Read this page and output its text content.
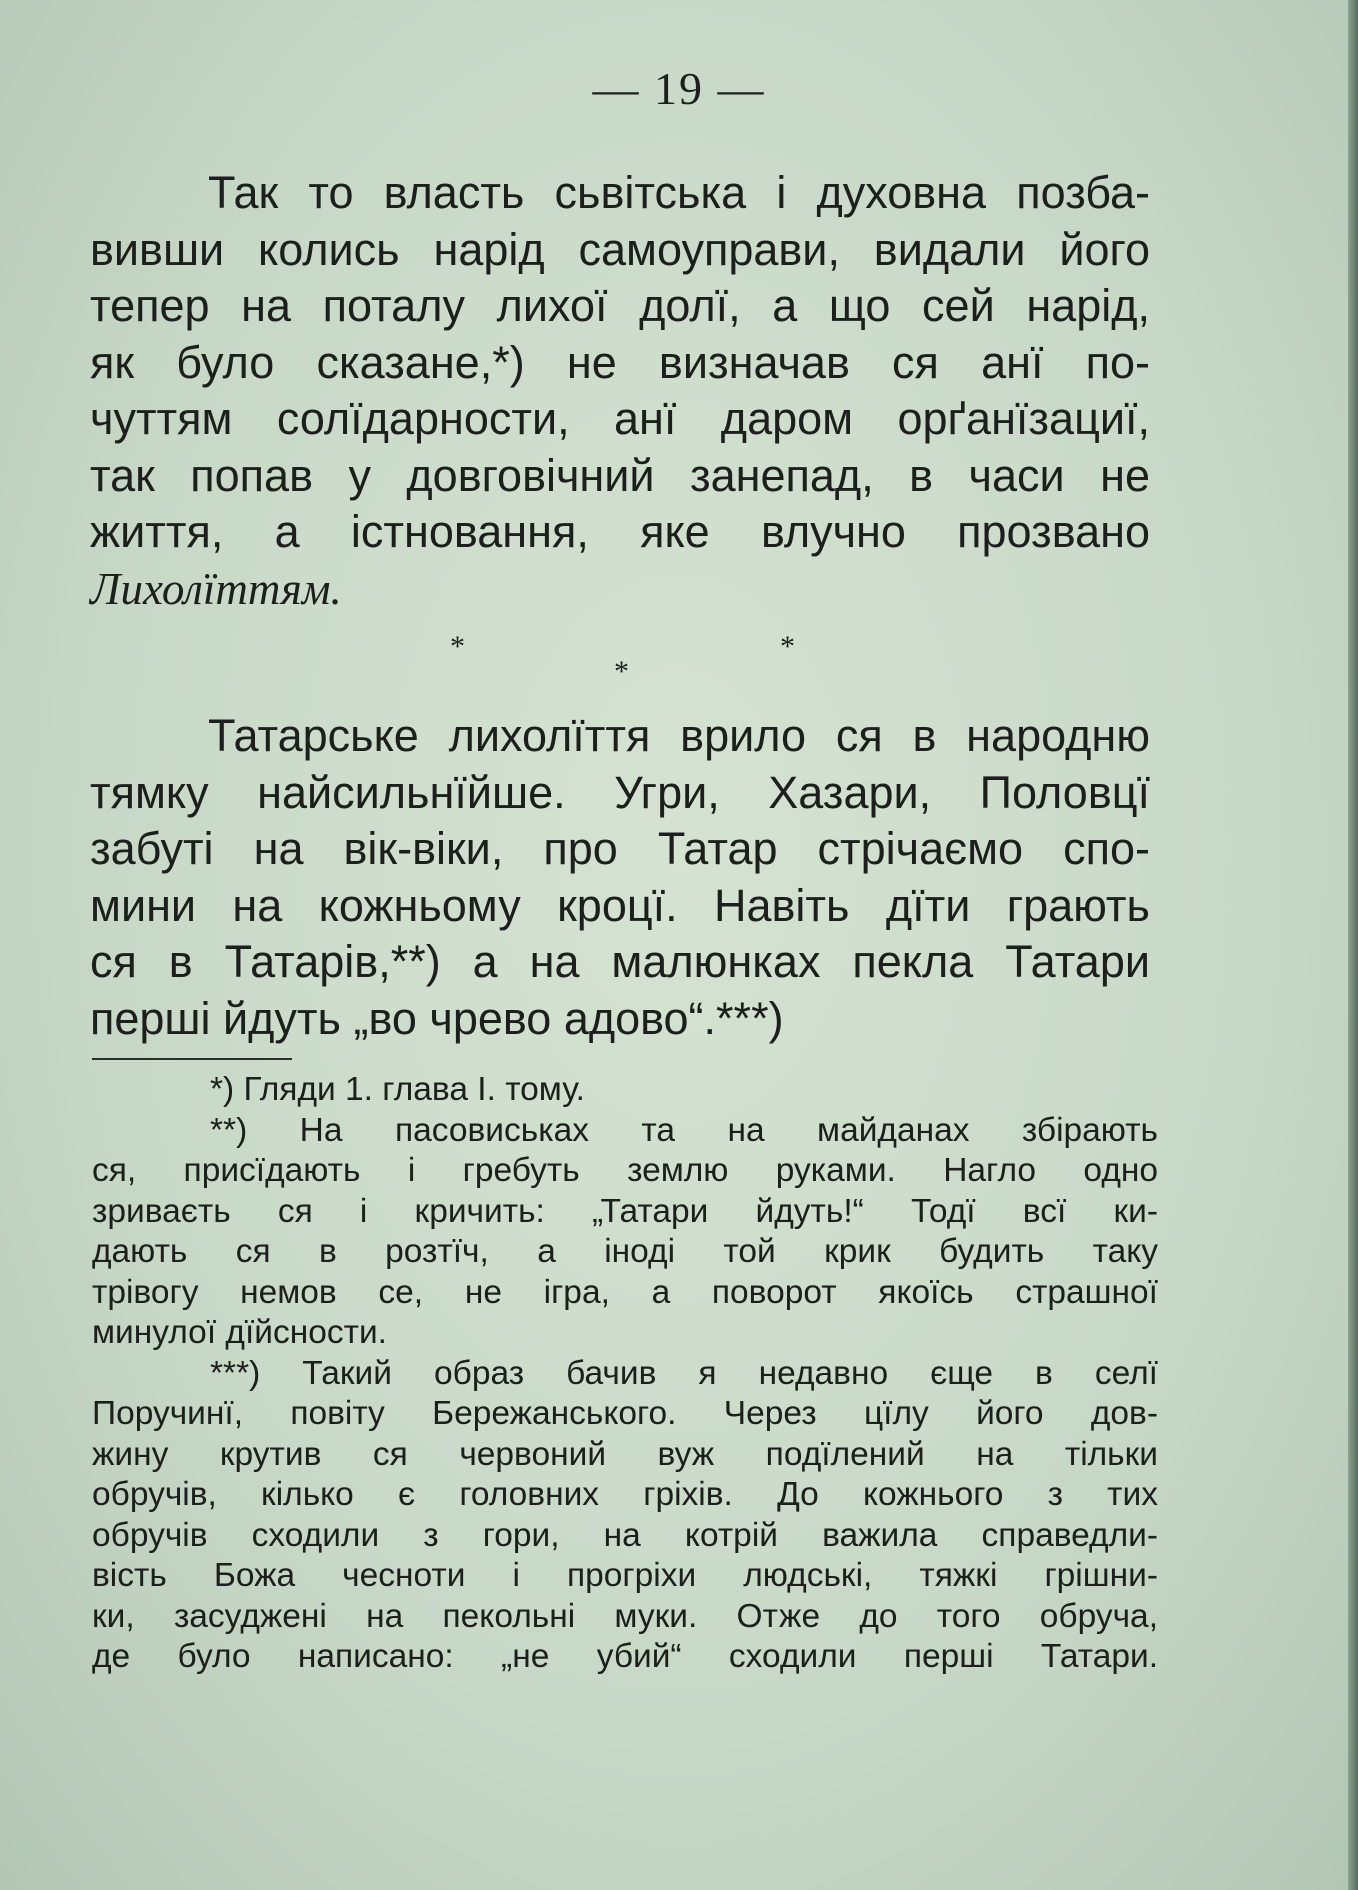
— 19 —
Так то власть сьвітська і духовна позба-
вивши колись нарід самоуправи, видали його
тепер на поталу лихої долї, а що сей нарід,
як було сказане,*) не визначав ся анї по-
чуттям солїдарности, анї даром орґанїзациї,
так попав у довговічний занепад, в часи не
життя, а істновання, яке влучно прозвано
Лихолїттям.
*	*
*
Татарське лихолїття врило ся в народню
тямку найсильнїйше. Угри, Хазари, Половцї
забуті на вік-віки, про Татар стрічаємо спо-
мини на кожньому кроцї. Навіть дїти грають
ся в Татарів,**) а на малюнках пекла Татари
перші йдуть „во чрево адово“.***)
*) Гляди 1. глава I. тому.
**) На пасовиськах та на майданах збірають
ся, присїдають і гребуть землю руками. Нагло одно
зриваєть ся і кричить: „Татари йдуть!“ Тодї всї ки-
дають ся в розтїч, а іноді той крик будить таку
трівогу немов се, не ігра, а поворот якоїсь страшної
минулої дїйсности.
***) Такий образ бачив я недавно єще в селї
Поручинї, повіту Бережанського. Через цїлу його дов-
жину крутив ся червоний вуж подїлений на тільки
обручів, кілько є головних гріхів. До кожнього з тих
обручів сходили з гори, на котрій важила справедли-
вість Божа чесноти і прогріхи людські, тяжкі грішни-
ки, засуджені на пекольні муки. Отже до того обруча,
де було написано: „не убий“ сходили перші Татари.
